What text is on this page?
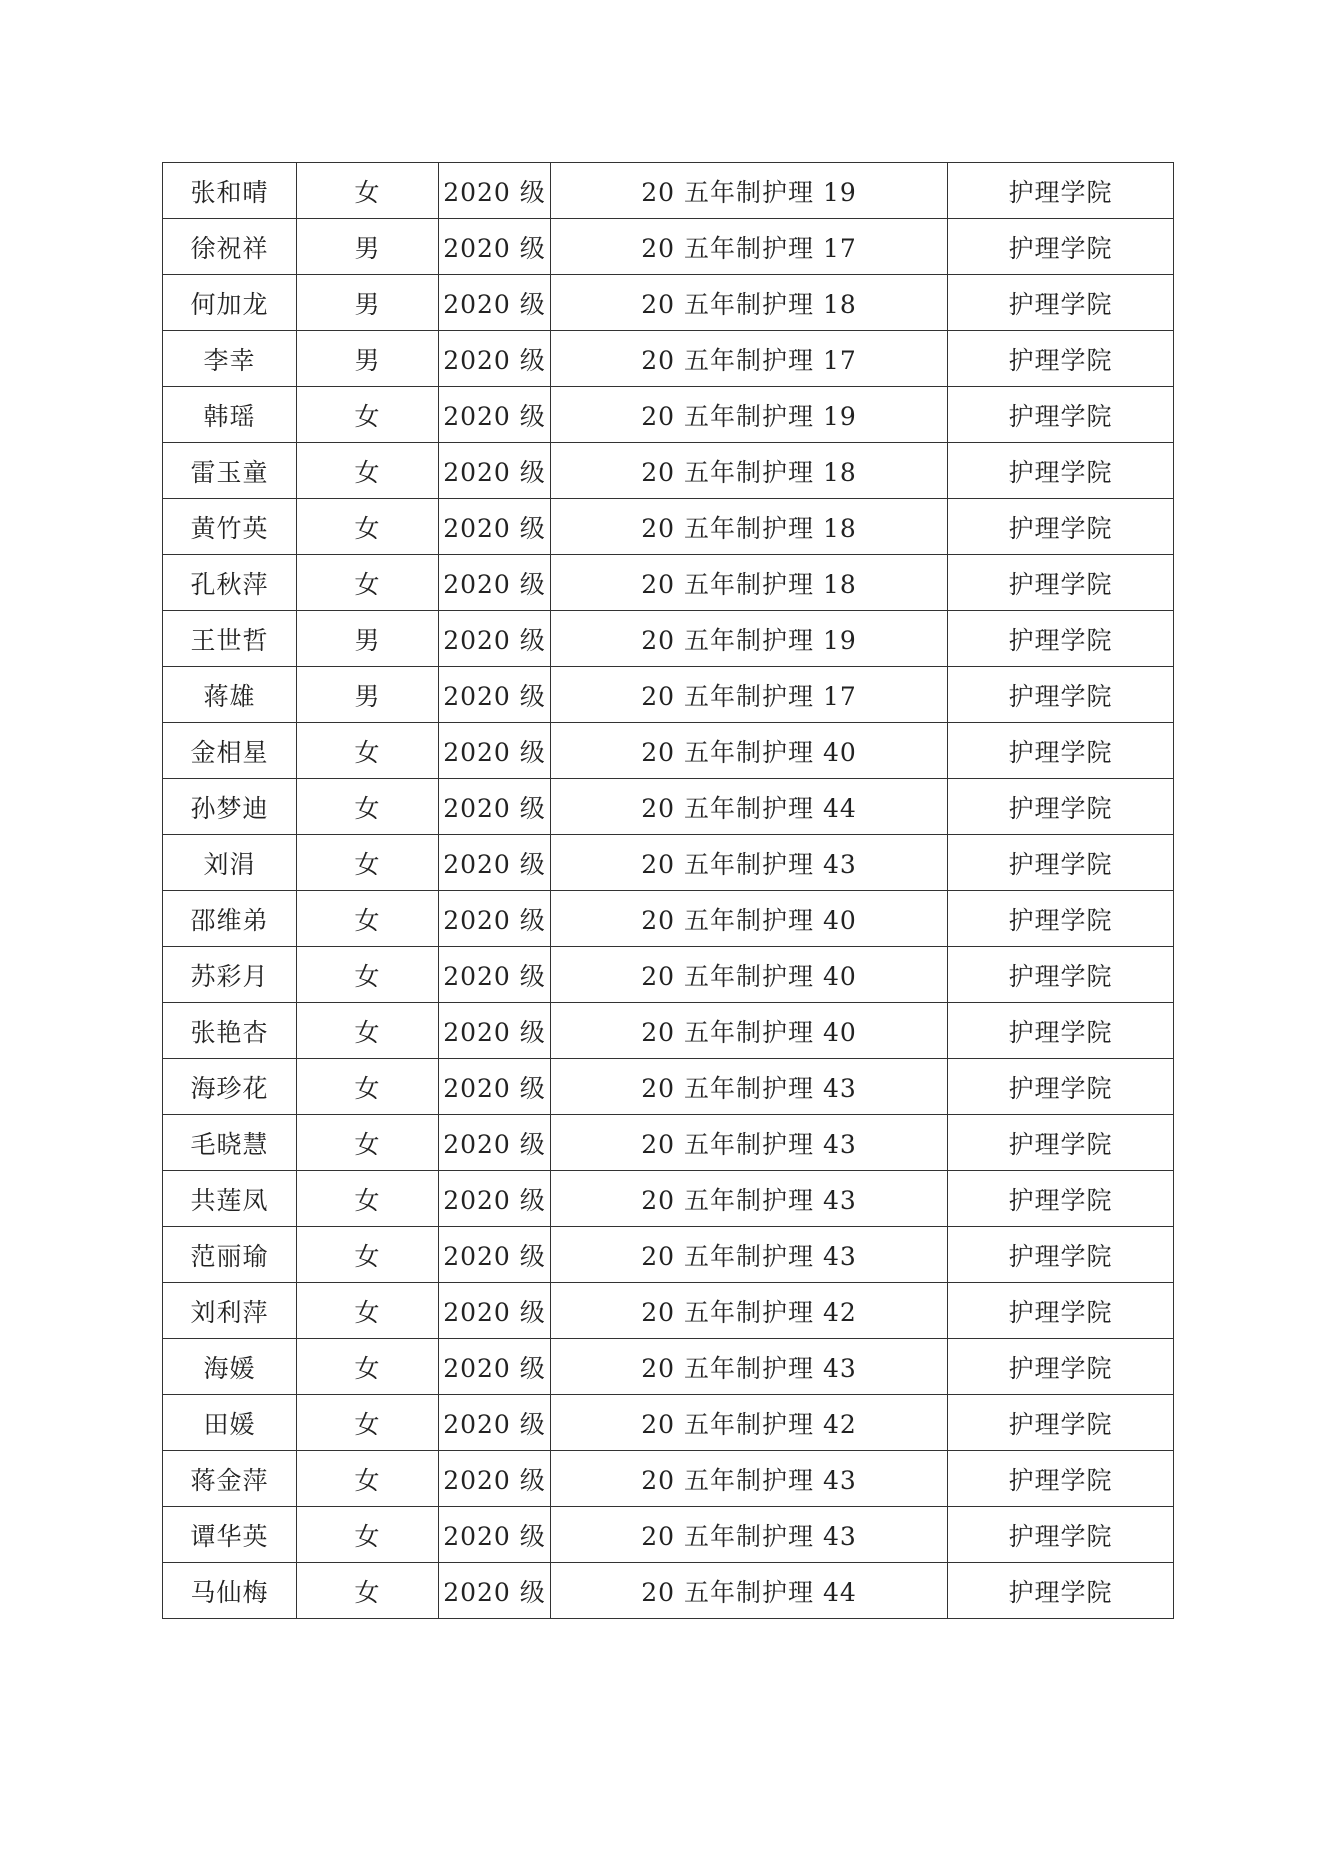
张和晴	女	2020 级	20 五年制护理 19	护理学院
徐祝祥	男	2020 级	20 五年制护理 17	护理学院
何加龙	男	2020 级	20 五年制护理 18	护理学院
李幸	男	2020 级	20 五年制护理 17	护理学院
韩瑶	女	2020 级	20 五年制护理 19	护理学院
雷玉童	女	2020 级	20 五年制护理 18	护理学院
黄竹英	女	2020 级	20 五年制护理 18	护理学院
孔秋萍	女	2020 级	20 五年制护理 18	护理学院
王世哲	男	2020 级	20 五年制护理 19	护理学院
蒋雄	男	2020 级	20 五年制护理 17	护理学院
金相星	女	2020 级	20 五年制护理 40	护理学院
孙梦迪	女	2020 级	20 五年制护理 44	护理学院
刘涓	女	2020 级	20 五年制护理 43	护理学院
邵维弟	女	2020 级	20 五年制护理 40	护理学院
苏彩月	女	2020 级	20 五年制护理 40	护理学院
张艳杏	女	2020 级	20 五年制护理 40	护理学院
海珍花	女	2020 级	20 五年制护理 43	护理学院
毛晓慧	女	2020 级	20 五年制护理 43	护理学院
共莲凤	女	2020 级	20 五年制护理 43	护理学院
范丽瑜	女	2020 级	20 五年制护理 43	护理学院
刘利萍	女	2020 级	20 五年制护理 42	护理学院
海媛	女	2020 级	20 五年制护理 43	护理学院
田媛	女	2020 级	20 五年制护理 42	护理学院
蒋金萍	女	2020 级	20 五年制护理 43	护理学院
谭华英	女	2020 级	20 五年制护理 43	护理学院
马仙梅	女	2020 级	20 五年制护理 44	护理学院
